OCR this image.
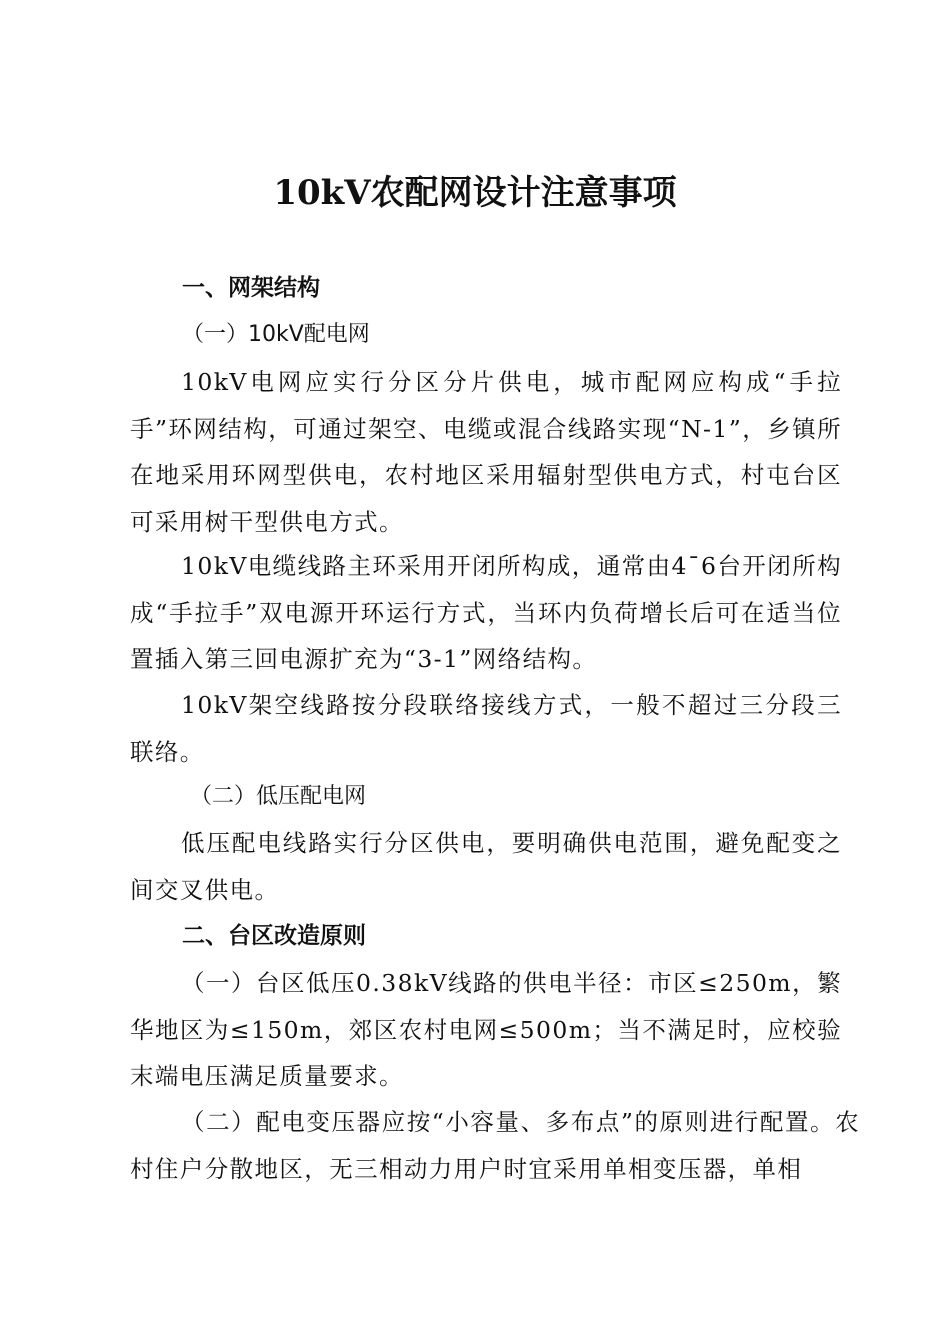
10kV农配网设计注意事项
一、网架结构
（一）10kV配电网

10kV电网应实行分区分片供电，城市配网应构成“手拉手”环网结构，可通过架空、电缆或混合线路实现“N-1”，乡镇所在地采用环网型供电，农村地区采用辐射型供电方式，村屯台区可采用树干型供电方式。

10kV电缆线路主环采用开闭所构成，通常由4¯6台开闭所构成“手拉手”双电源开环运行方式，当环内负荷增长后可在适当位置插入第三回电源扩充为“3-1”网络结构。

10kV架空线路按分段联络接线方式，一般不超过三分段三联络。

（二）低压配电网

低压配电线路实行分区供电，要明确供电范围，避免配变之间交叉供电。

二、台区改造原则

（一）台区低压0.38kV线路的供电半径：市区≤250m，繁华地区为≤150m，郊区农村电网≤500m；当不满足时，应校验末端电压满足质量要求。

（二）配电变压器应按“小容量、多布点”的原则进行配置。农村住户分散地区，无三相动力用户时宜采用单相变压器，单相
